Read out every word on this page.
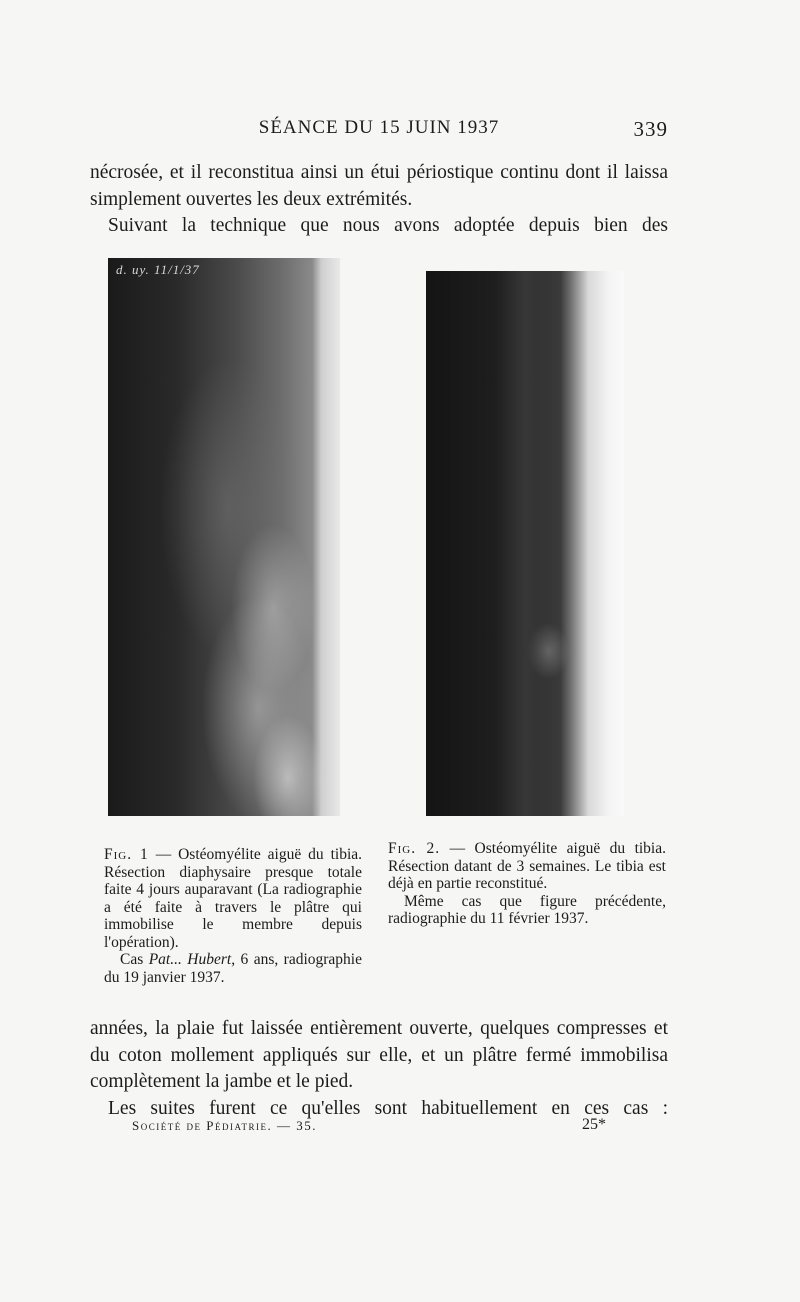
SÉANCE DU 15 JUIN 1937	339

nécrosée, et il reconstitua ainsi un étui périostique continu dont il laissa simplement ouvertes les deux extrémités.

Suivant la technique que nous avons adoptée depuis bien des

d. uy. 11/1/37

Fig. 1 — Ostéomyélite aiguë du tibia. Résection diaphysaire presque totale faite 4 jours auparavant (La radiographie a été faite à travers le plâtre qui immobilise le membre depuis l'opération).

Cas Pat... Hubert, 6 ans, radiographie du 19 janvier 1937.

Fig. 2. — Ostéomyélite aiguë du tibia. Résection datant de 3 semaines. Le tibia est déjà en partie reconstitué.

Même cas que figure précédente, radiographie du 11 février 1937.

années, la plaie fut laissée entièrement ouverte, quelques compresses et du coton mollement appliqués sur elle, et un plâtre fermé immobilisa complètement la jambe et le pied.

Les suites furent ce qu'elles sont habituellement en ces cas :

Société de Pédiatrie. — 35.	25*
